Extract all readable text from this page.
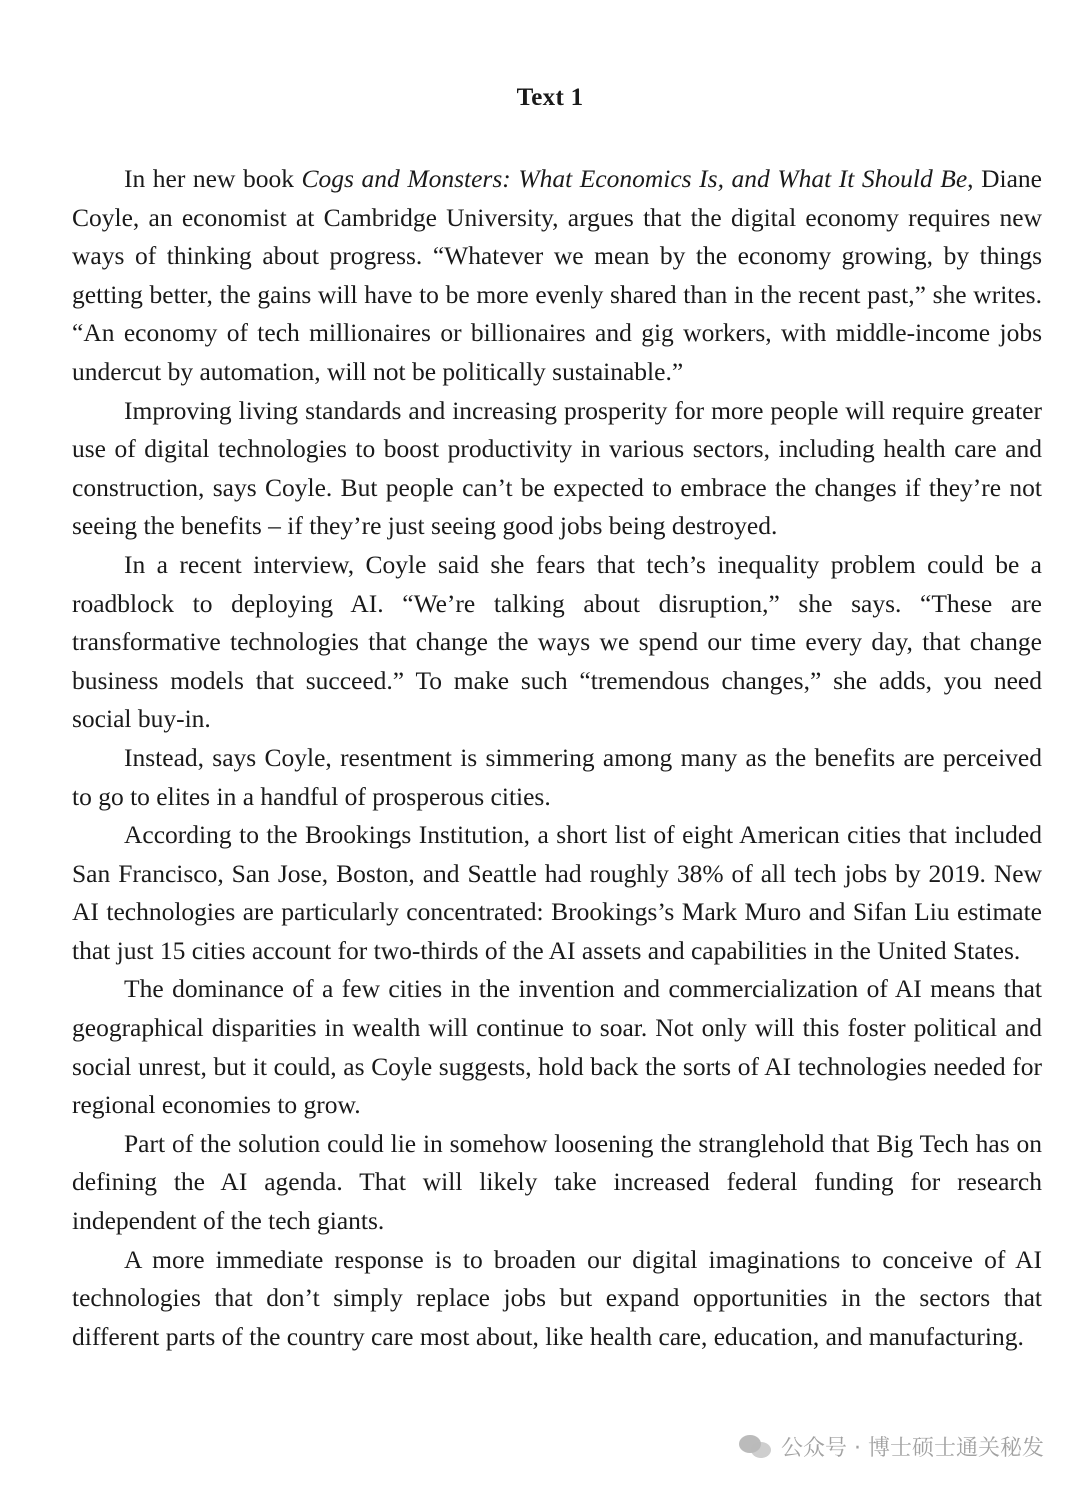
Text 1

In her new book Cogs and Monsters: What Economics Is, and What It Should Be, Diane Coyle, an economist at Cambridge University, argues that the digital economy requires new ways of thinking about progress. “Whatever we mean by the economy growing, by things getting better, the gains will have to be more evenly shared than in the recent past,” she writes. “An economy of tech millionaires or billionaires and gig workers, with middle-income jobs undercut by automation, will not be politically sustainable.”

Improving living standards and increasing prosperity for more people will require greater use of digital technologies to boost productivity in various sectors, including health care and construction, says Coyle. But people can’t be expected to embrace the changes if they’re not seeing the benefits – if they’re just seeing good jobs being destroyed.

In a recent interview, Coyle said she fears that tech’s inequality problem could be a roadblock to deploying AI. “We’re talking about disruption,” she says. “These are transformative technologies that change the ways we spend our time every day, that change business models that succeed.” To make such “tremendous changes,” she adds, you need social buy-in.

Instead, says Coyle, resentment is simmering among many as the benefits are perceived to go to elites in a handful of prosperous cities.

According to the Brookings Institution, a short list of eight American cities that included San Francisco, San Jose, Boston, and Seattle had roughly 38% of all tech jobs by 2019. New AI technologies are particularly concentrated: Brookings’s Mark Muro and Sifan Liu estimate that just 15 cities account for two-thirds of the AI assets and capabilities in the United States.

The dominance of a few cities in the invention and commercialization of AI means that geographical disparities in wealth will continue to soar. Not only will this foster political and social unrest, but it could, as Coyle suggests, hold back the sorts of AI technologies needed for regional economies to grow.

Part of the solution could lie in somehow loosening the stranglehold that Big Tech has on defining the AI agenda. That will likely take increased federal funding for research independent of the tech giants.

A more immediate response is to broaden our digital imaginations to conceive of AI technologies that don’t simply replace jobs but expand opportunities in the sectors that different parts of the country care most about, like health care, education, and manufacturing.

公众号 · 博士硕士通关秘发
